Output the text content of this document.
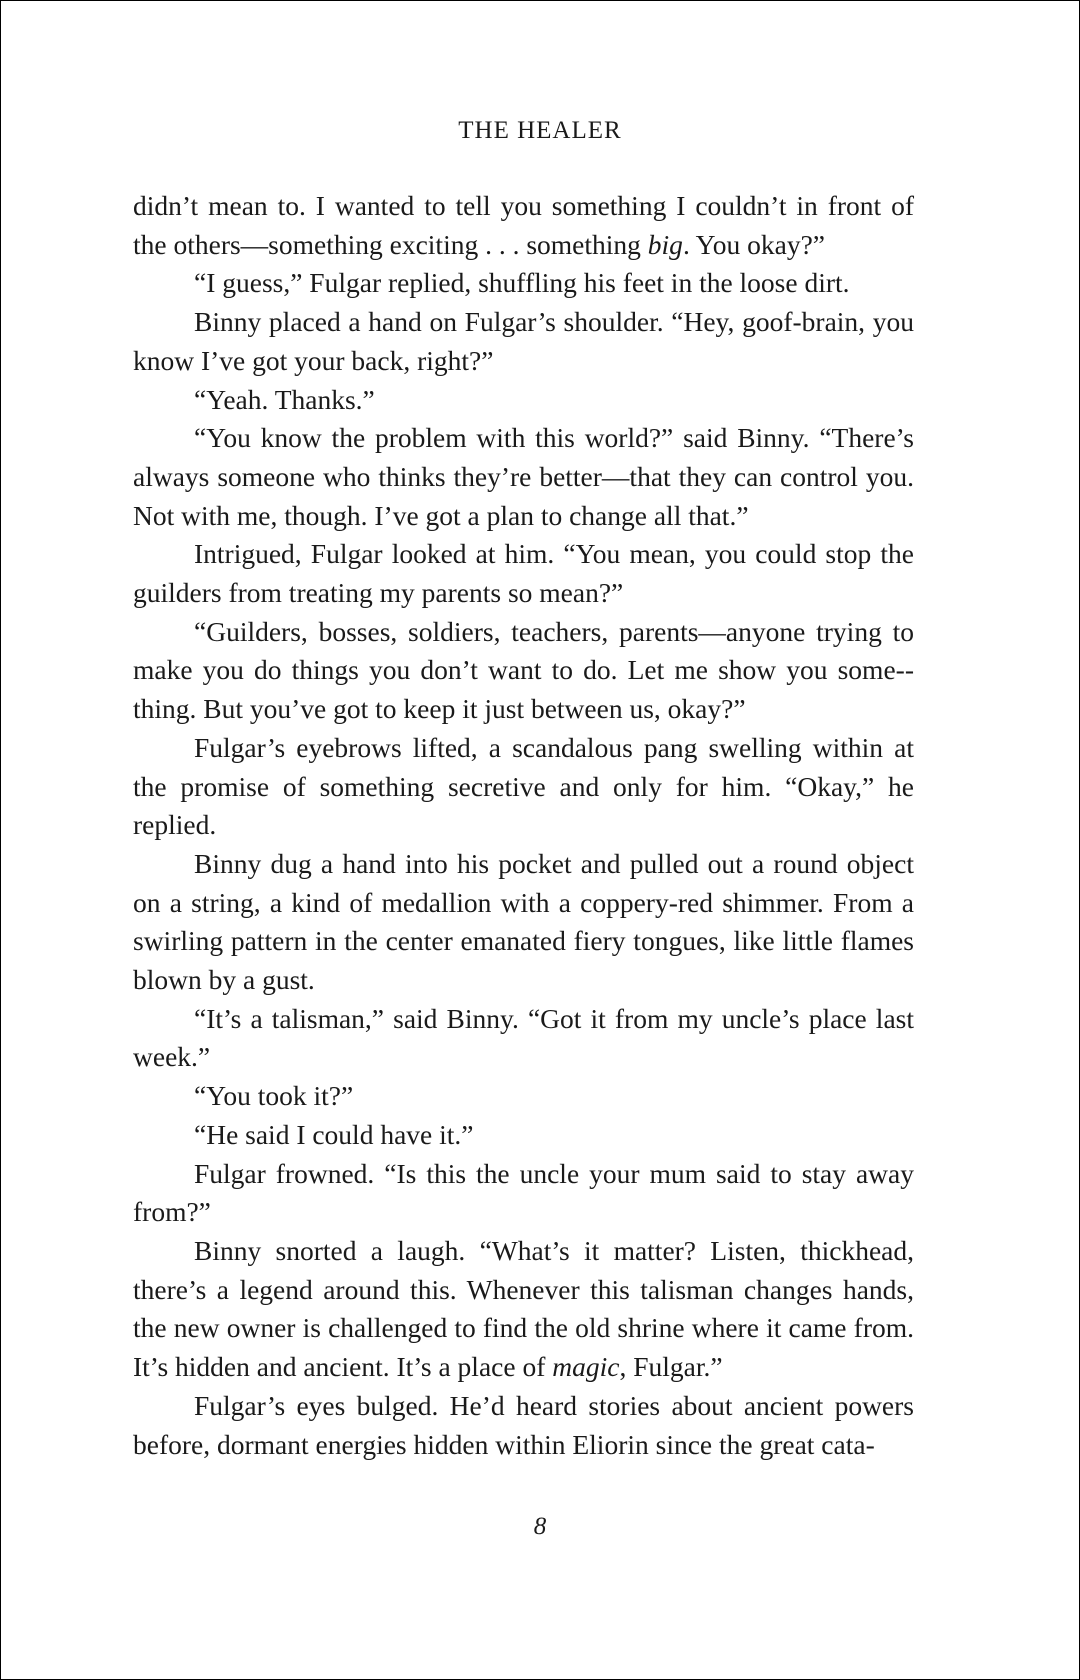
THE HEALER

didn’t mean to. I wanted to tell you something I couldn’t in front of the others—something exciting . . . something big. You okay?”

“I guess,” Fulgar replied, shuffling his feet in the loose dirt.

Binny placed a hand on Fulgar’s shoulder. “Hey, goof-brain, you know I’ve got your back, right?”

“Yeah. Thanks.”

“You know the problem with this world?” said Binny. “There’s always someone who thinks they’re better—that they can control you. Not with me, though. I’ve got a plan to change all that.”

Intrigued, Fulgar looked at him. “You mean, you could stop the guilders from treating my parents so mean?”

“Guilders, bosses, soldiers, teachers, parents—anyone trying to make you do things you don’t want to do. Let me show you some-thing. But you’ve got to keep it just between us, okay?”

Fulgar’s eyebrows lifted, a scandalous pang swelling within at the promise of something secretive and only for him. “Okay,” he replied.

Binny dug a hand into his pocket and pulled out a round object on a string, a kind of medallion with a coppery-red shimmer. From a swirling pattern in the center emanated fiery tongues, like little flames blown by a gust.

“It’s a talisman,” said Binny. “Got it from my uncle’s place last week.”

“You took it?”

“He said I could have it.”

Fulgar frowned. “Is this the uncle your mum said to stay away from?”

Binny snorted a laugh. “What’s it matter? Listen, thickhead, there’s a legend around this. Whenever this talisman changes hands, the new owner is challenged to find the old shrine where it came from. It’s hidden and ancient. It’s a place of magic, Fulgar.”

Fulgar’s eyes bulged. He’d heard stories about ancient powers before, dormant energies hidden within Eliorin since the great cata-

8
